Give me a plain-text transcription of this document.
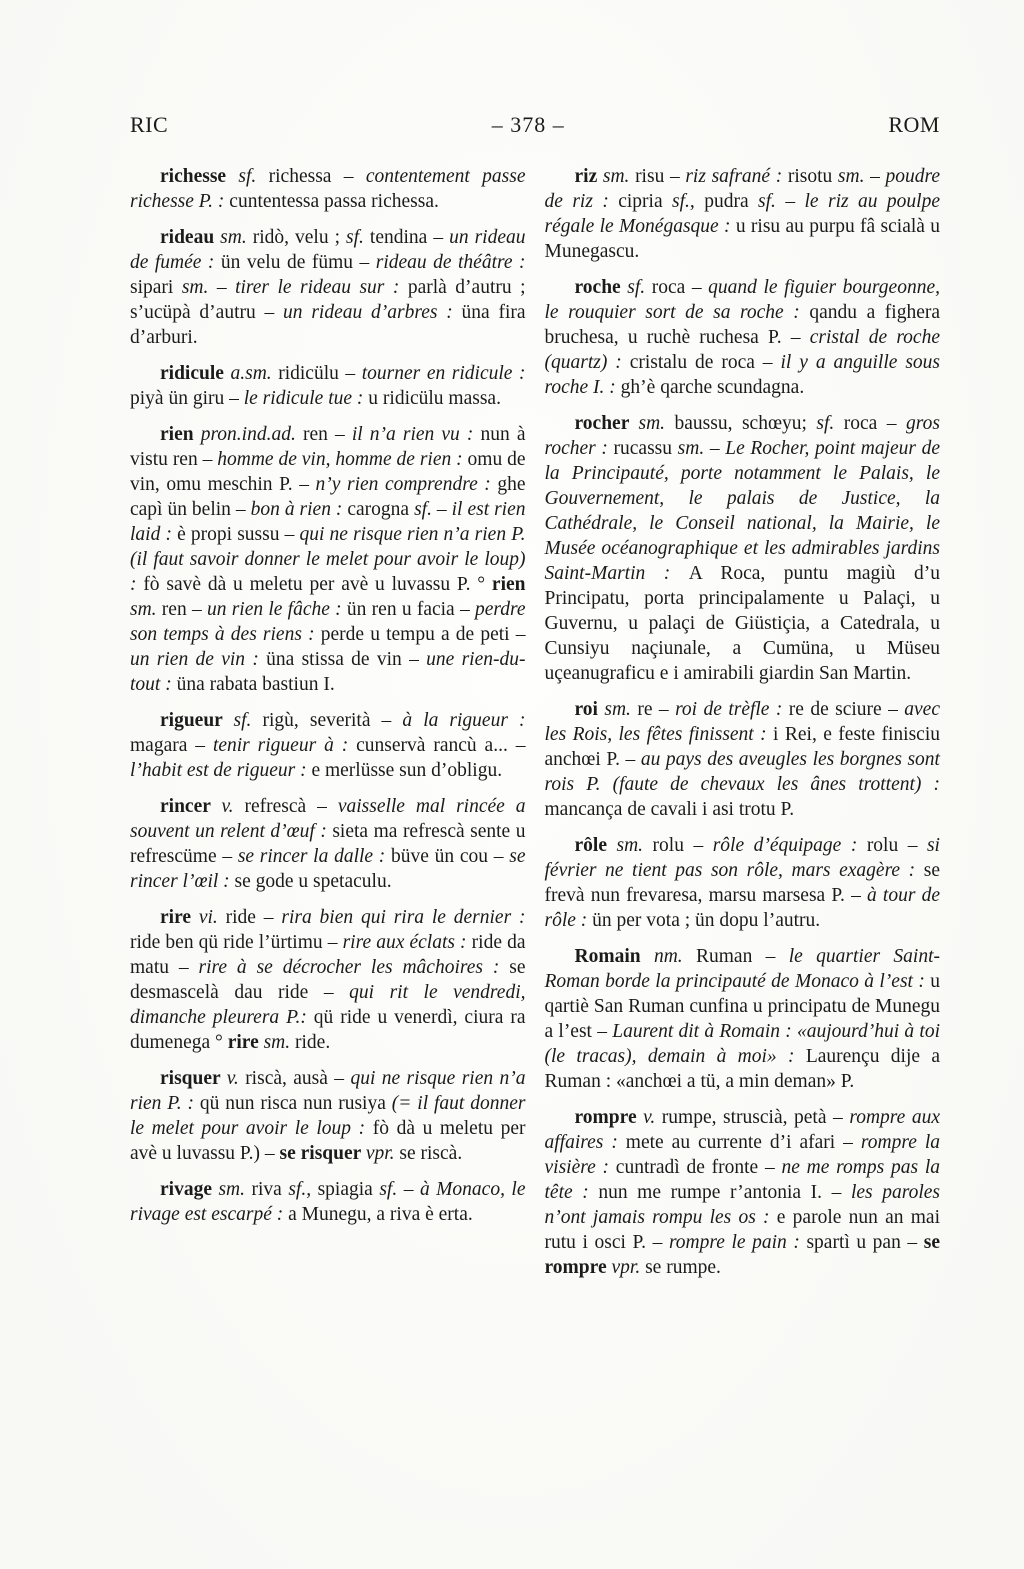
RIC	– 378 –	ROM

richesse sf. richessa – contentement passe richesse P. : cuntentessa passa richessa.

rideau sm. ridò, velu ; sf. tendina – un rideau de fumée : ün velu de fümu – rideau de théâtre : sipari sm. – tirer le rideau sur : parlà d’autru ; s’ucüpà d’autru – un rideau d’arbres : üna fira d’arburi.

ridicule a.sm. ridicülu – tourner en ridicule : piyà ün giru – le ridicule tue : u ridicülu massa.

rien pron.ind.ad. ren – il n’a rien vu : nun à vistu ren – homme de vin, homme de rien : omu de vin, omu meschin P. – n’y rien comprendre : ghe capì ün belin – bon à rien : carogna sf. – il est rien laid : è propi sussu – qui ne risque rien n’a rien P. (il faut savoir donner le melet pour avoir le loup) : fò savè dà u meletu per avè u luvassu P. ° rien sm. ren – un rien le fâche : ün ren u facia – perdre son temps à des riens : perde u tempu a de peti – un rien de vin : üna stissa de vin – une rien-du-tout : üna rabata bastiun I.

rigueur sf. rigù, severità – à la rigueur : magara – tenir rigueur à : cunservà rancù a... – l’habit est de rigueur : e merlüsse sun d’obligu.

rincer v. refrescà – vaisselle mal rincée a souvent un relent d’œuf : sieta ma refrescà sente u refrescüme – se rincer la dalle : büve ün cou – se rincer l’œil : se gode u spetaculu.

rire vi. ride – rira bien qui rira le dernier : ride ben qü ride l’ürtimu – rire aux éclats : ride da matu – rire à se décrocher les mâchoires : se desmascelà dau ride – qui rit le vendredi, dimanche pleurera P.: qü ride u venerdì, ciura ra dumenega ° rire sm. ride.

risquer v. riscà, ausà – qui ne risque rien n’a rien P. : qü nun risca nun rusiya (= il faut donner le melet pour avoir le loup : fò dà u meletu per avè u luvassu P.) – se risquer vpr. se riscà.

rivage sm. riva sf., spiagia sf. – à Monaco, le rivage est escarpé : a Munegu, a riva è erta.

riz sm. risu – riz safrané : risotu sm. – poudre de riz : cipria sf., pudra sf. – le riz au poulpe régale le Monégasque : u risu au purpu fâ scialà u Munegascu.

roche sf. roca – quand le figuier bourgeonne, le rouquier sort de sa roche : qandu a fighera bruchesa, u ruchè ruchesa P. – cristal de roche (quartz) : cristalu de roca – il y a anguille sous roche I. : gh’è qarche scundagna.

rocher sm. baussu, schœyu; sf. roca – gros rocher : rucassu sm. – Le Rocher, point majeur de la Principauté, porte notamment le Palais, le Gouvernement, le palais de Justice, la Cathédrale, le Conseil national, la Mairie, le Musée océanographique et les admirables jardins Saint-Martin : A Roca, puntu magiù d’u Principatu, porta principalamente u Palaçi, u Guvernu, u palaçi de Giüstiçia, a Catedrala, u Cunsiyu naçiunale, a Cumüna, u Müseu uçeanugraficu e i amirabili giardin San Martin.

roi sm. re – roi de trèfle : re de sciure – avec les Rois, les fêtes finissent : i Rei, e feste finisciu anchœi P. – au pays des aveugles les borgnes sont rois P. (faute de chevaux les ânes trottent) : mancança de cavali i asi trotu P.

rôle sm. rolu – rôle d’équipage : rolu – si février ne tient pas son rôle, mars exagère : se frevà nun frevaresa, marsu marsesa P. – à tour de rôle : ün per vota ; ün dopu l’autru.

Romain nm. Ruman – le quartier Saint-Roman borde la principauté de Monaco à l’est : u qartiè San Ruman cunfina u principatu de Munegu a l’est – Laurent dit à Romain : «aujourd’hui à toi (le tracas), demain à moi» : Laurençu dije a Ruman : «anchœi a tü, a min deman» P.

rompre v. rumpe, struscià, petà – rompre aux affaires : mete au currente d’i afari – rompre la visière : cuntradì de fronte – ne me romps pas la tête : nun me rumpe r’antonia I. – les paroles n’ont jamais rompu les os : e parole nun an mai rutu i osci P. – rompre le pain : spartì u pan – se rompre vpr. se rumpe.
